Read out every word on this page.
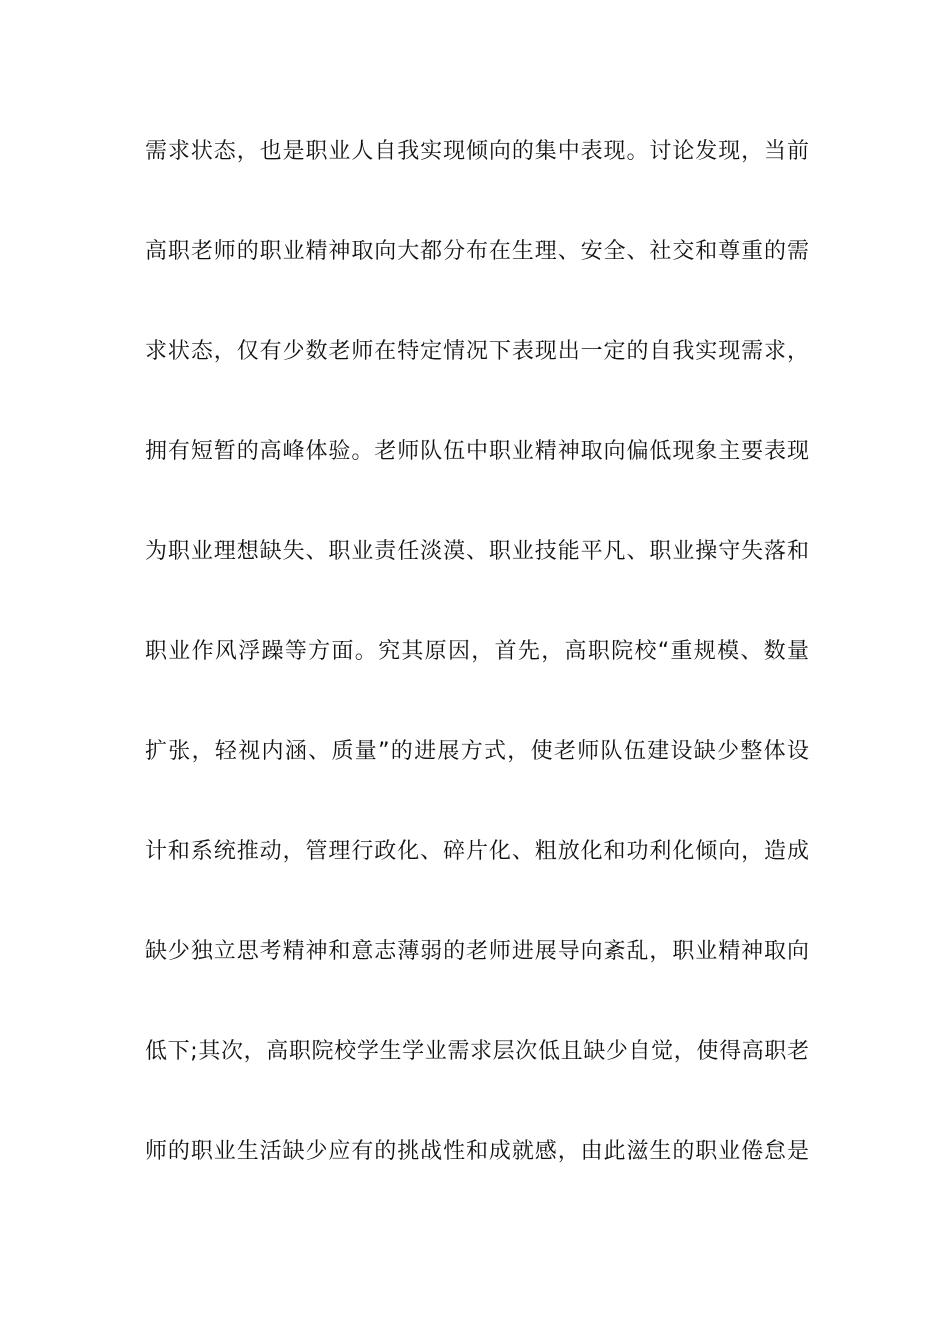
需求状态，也是职业人自我实现倾向的集中表现。讨论发现，当前
高职老师的职业精神取向大都分布在生理、安全、社交和尊重的需
求状态，仅有少数老师在特定情况下表现出一定的自我实现需求，
拥有短暂的高峰体验。老师队伍中职业精神取向偏低现象主要表现
为职业理想缺失、职业责任淡漠、职业技能平凡、职业操守失落和
职业作风浮躁等方面。究其原因，首先，高职院校“重规模、数量
扩张，轻视内涵、质量”的进展方式，使老师队伍建设缺少整体设
计和系统推动，管理行政化、碎片化、粗放化和功利化倾向，造成
缺少独立思考精神和意志薄弱的老师进展导向紊乱，职业精神取向
低下;其次，高职院校学生学业需求层次低且缺少自觉，使得高职老
师的职业生活缺少应有的挑战性和成就感，由此滋生的职业倦怠是
